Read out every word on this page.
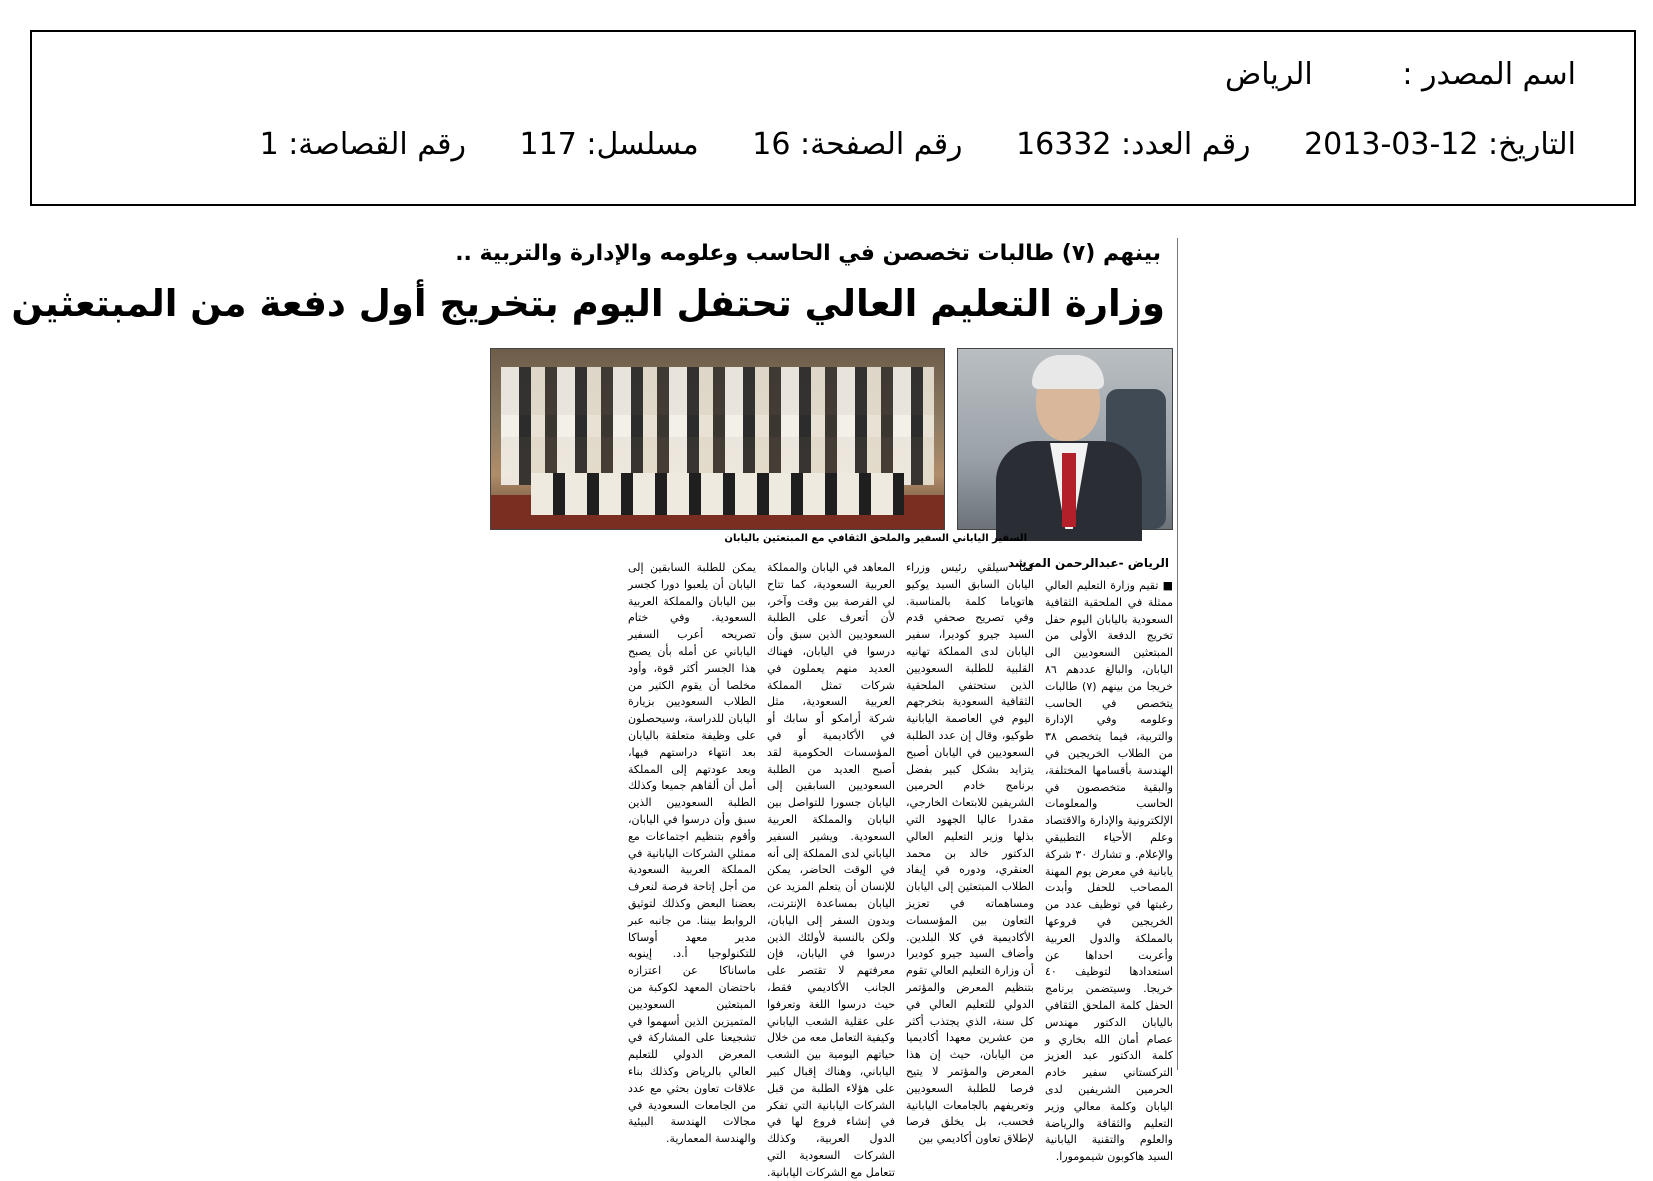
اسم المصدر : الرياض
التاريخ: 12-03-2013 رقم العدد: 16332 رقم الصفحة: 16 مسلسل: 117 رقم القصاصة: 1
بينهم (٧) طالبات تخصصن في الحاسب وعلومه والإدارة والتربية ..
وزارة التعليم العالي تحتفل اليوم بتخريج أول دفعة من المبتعثين
السفير الياباني
السفير والملحق الثقافي مع المبتعثين باليابان
الرياض -عبدالرحمن المرشد

■ تقيم وزارة التعليم العالي ممثلة في الملحقية الثقافية السعودية باليابان اليوم حفل تخريج الدفعة الأولى من المبتعثين السعوديين الى اليابان، والبالغ عددهم ٨٦ خريجا من بينهم (٧) طالبات يتخصص في الحاسب وعلومه وفي الإدارة والتربية، فيما يتخصص ٣٨ من الطلاب الخريجين في الهندسة بأقسامها المختلفة، والبقية متخصصون في الحاسب والمعلومات الإلكترونية والإدارة والاقتصاد وعلم الأحياء التطبيقي والإعلام. و تشارك ٣٠ شركة يابانية في معرض يوم المهنة المصاحب للحفل وأبدت رغبتها في توظيف عدد من الخريجين في فروعها بالمملكة والدول العربية وأعربت احداها عن استعدادها لتوظيف ٤٠ خريجا. وسيتضمن برنامج الحفل كلمة الملحق الثقافي باليابان الدكتور مهندس عصام أمان الله بخاري و كلمة الدكتور عبد العزيز التركستاني سفير خادم الحرمين الشريفين لدى اليابان وكلمة معالي وزير التعليم والثقافة والرياضة والعلوم والتقنية اليابانية السيد هاكوبون شيمومورا.

كما سيلقي رئيس وزراء اليابان السابق السيد يوكيو هاتوياما كلمة بالمناسبة. وفي تصريح صحفي قدم السيد جيرو كوديرا، سفير اليابان لدى المملكة تهانيه القلبية للطلبة السعوديين الذين ستحتفي الملحقية الثقافية السعودية بتخرجهم اليوم في العاصمة اليابانية طوكيو، وقال إن عدد الطلبة السعوديين في اليابان أصبح يتزايد بشكل كبير بفضل برنامج خادم الحرمين الشريفين للابتعاث الخارجي، مقدرا عاليا الجهود التي بذلها وزير التعليم العالي الدكتور خالد بن محمد العنقري، ودوره في إيفاد الطلاب المبتعثين إلى اليابان ومساهماته في تعزيز التعاون بين المؤسسات الأكاديمية في كلا البلدين. وأضاف السيد جيرو كوديرا أن وزارة التعليم العالي تقوم بتنظيم المعرض والمؤتمر الدولي للتعليم العالي في كل سنة، الذي يجتذب أكثر من عشرين معهدا أكاديميا من اليابان، حيث إن هذا المعرض والمؤتمر لا يتيح فرصا للطلبة السعوديين وتعريفهم بالجامعات اليابانية فحسب، بل يخلق فرصا لإطلاق تعاون أكاديمي بين

المعاهد في اليابان والمملكة العربية السعودية، كما تتاح لي الفرصة بين وقت وآخر، لأن أتعرف على الطلبة السعوديين الذين سبق وأن درسوا في اليابان، فهناك العديد منهم يعملون في شركات تمثل المملكة العربية السعودية، مثل شركة أرامكو أو سابك أو في الأكاديمية أو في المؤسسات الحكومية لقد أصبح العديد من الطلبة السعوديين السابقين إلى اليابان جسورا للتواصل بين اليابان والمملكة العربية السعودية. ويشير السفير الياباني لدى المملكة إلى أنه في الوقت الحاضر، يمكن للإنسان أن يتعلم المزيد عن اليابان بمساعدة الإنترنت، وبدون السفر إلى اليابان، ولكن بالنسبة لأولئك الذين درسوا في اليابان، فإن معرفتهم لا تقتصر على الجانب الأكاديمي فقط، حيث درسوا اللغة وتعرفوا على عقلية الشعب الياباني وكيفية التعامل معه من خلال حياتهم اليومية بين الشعب الياباني، وهناك إقبال كبير على هؤلاء الطلبة من قبل الشركات اليابانية التي تفكر في إنشاء فروع لها في الدول العربية، وكذلك الشركات السعودية التي تتعامل مع الشركات اليابانية.

يمكن للطلبة السابقين إلى اليابان أن يلعبوا دورا كجسر بين اليابان والمملكة العربية السعودية. وفي ختام تصريحه أعرب السفير الياباني عن أمله بأن يصبح هذا الجسر أكثر قوة، وأود مخلصا أن يقوم الكثير من الطلاب السعوديين بزيارة اليابان للدراسة، وسيحصلون على وظيفة متعلقة باليابان بعد انتهاء دراستهم فيها، وبعد عودتهم إلى المملكة أمل أن ألقاهم جميعا وكذلك الطلبة السعوديين الذين سبق وأن درسوا في اليابان، وأقوم بتنظيم اجتماعات مع ممثلي الشركات اليابانية في المملكة العربية السعودية من أجل إتاحة فرصة لنعرف بعضنا البعض وكذلك لتوثيق الروابط بيننا. من جانبه عبر مدير معهد أوساكا للتكنولوجيا أ.د. إينوبه ماساناكا عن اعتزازه باحتضان المعهد لكوكبة من المبتعثين السعوديين المتميزين الذين أسهموا في تشجيعنا على المشاركة في المعرض الدولي للتعليم العالي بالرياض وكذلك بناء علاقات تعاون بحثي مع عدد من الجامعات السعودية في مجالات الهندسة البيئية والهندسة المعمارية.
